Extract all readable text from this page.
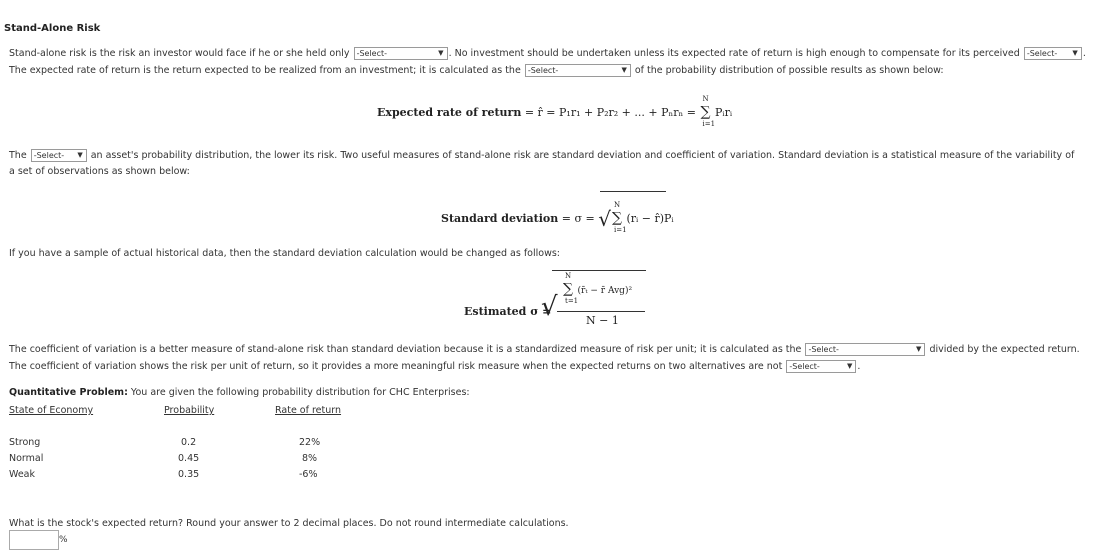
Stand-Alone Risk
Stand-alone risk is the risk an investor would face if he or she held only -Select-	▼ . No investment should be undertaken unless its expected rate of return is high enough to compensate for its perceived -Select- ▼ .
The expected rate of return is the return expected to be realized from an investment; it is calculated as the -Select-	▼ of the probability distribution of possible results as shown below:
Expected rate of return = r̂ = P₁r₁ + P₂r₂ + ... + Pₙrₙ = ∑
N
i=1
Pᵢrᵢ
The -Select- ▼ an asset's probability distribution, the lower its risk. Two useful measures of stand-alone risk are standard deviation and coefficient of variation. Standard deviation is a statistical measure of the variability of
a set of observations as shown below:
Standard deviation = σ = √∑
N
i=1
(rᵢ − r̂)Pᵢ
If you have a sample of actual historical data, then the standard deviation calculation would be changed as follows:
Estimated σ =
√
∑
N
t=1
(r̄ₜ − r̄ Avg)²
N − 1
The coefficient of variation is a better measure of stand-alone risk than standard deviation because it is a standardized measure of risk per unit; it is calculated as the -Select-	▼ divided by the expected return.
The coefficient of variation shows the risk per unit of return, so it provides a more meaningful risk measure when the expected returns on two alternatives are not -Select-	▼ .
Quantitative Problem: You are given the following probability distribution for CHC Enterprises:
State of Economy	Probability	Rate of return
Strong	0.2	22%
Normal	0.45	8%
Weak	0.35	-6%
What is the stock's expected return? Round your answer to 2 decimal places. Do not round intermediate calculations.
%
